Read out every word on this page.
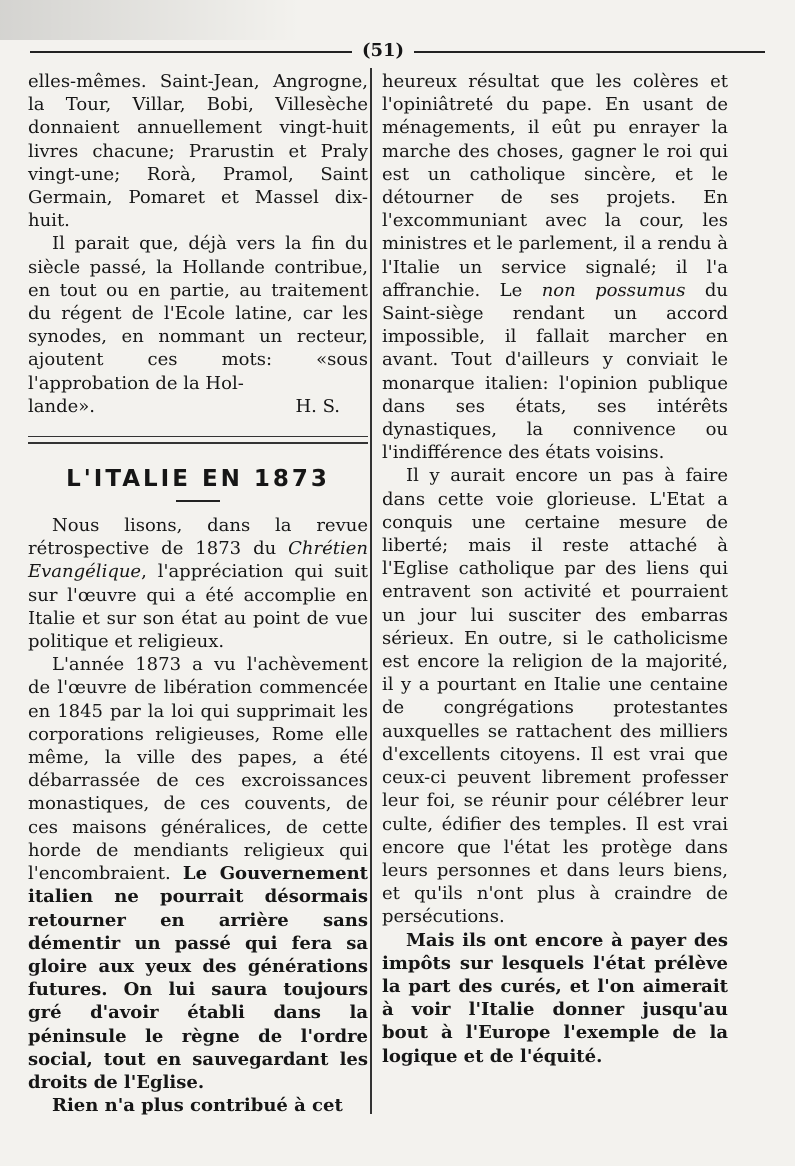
(51)

elles-mêmes. Saint-Jean, Angrogne, la Tour, Villar, Bobi, Villesèche donnaient annuellement vingt-huit livres chacune; Prarustin et Praly vingt-une; Rorà, Pramol, Saint Germain, Pomaret et Massel dix-huit.

Il parait que, déjà vers la fin du siècle passé, la Hollande contribue, en tout ou en partie, au traitement du régent de l'Ecole latine, car les synodes, en nommant un recteur, ajoutent ces mots: «sous l'approbation de la Hol-

lande».	H. S.
L'ITALIE EN 1873

Nous lisons, dans la revue rétrospective de 1873 du Chrétien Evangélique, l'appréciation qui suit sur l'œuvre qui a été accomplie en Italie et sur son état au point de vue politique et religieux.

L'année 1873 a vu l'achèvement de l'œuvre de libération commencée en 1845 par la loi qui supprimait les corporations religieuses, Rome elle même, la ville des papes, a été débarrassée de ces excroissances monastiques, de ces couvents, de ces maisons généralices, de cette horde de mendiants religieux qui l'encombraient. Le Gouvernement italien ne pourrait désormais retourner en arrière sans démentir un passé qui fera sa gloire aux yeux des générations futures. On lui saura toujours gré d'avoir établi dans la péninsule le règne de l'ordre social, tout en sauvegardant les droits de l'Eglise.

Rien n'a plus contribué à cet

heureux résultat que les colères et l'opiniâtreté du pape. En usant de ménagements, il eût pu enrayer la marche des choses, gagner le roi qui est un catholique sincère, et le détourner de ses projets. En l'excommuniant avec la cour, les ministres et le parlement, il a rendu à l'Italie un service signalé; il l'a affranchie. Le non possumus du Saint-siège rendant un accord impossible, il fallait marcher en avant. Tout d'ailleurs y conviait le monarque italien: l'opinion publique dans ses états, ses intérêts dynastiques, la connivence ou l'indifférence des états voisins.

Il y aurait encore un pas à faire dans cette voie glorieuse. L'Etat a conquis une certaine mesure de liberté; mais il reste attaché à l'Eglise catholique par des liens qui entravent son activité et pourraient un jour lui susciter des embarras sérieux. En outre, si le catholicisme est encore la religion de la majorité, il y a pourtant en Italie une centaine de congrégations protestantes auxquelles se rattachent des milliers d'excellents citoyens. Il est vrai que ceux-ci peuvent librement professer leur foi, se réunir pour célébrer leur culte, édifier des temples. Il est vrai encore que l'état les protège dans leurs personnes et dans leurs biens, et qu'ils n'ont plus à craindre de persécutions.

Mais ils ont encore à payer des impôts sur lesquels l'état prélève la part des curés, et l'on aimerait à voir l'Italie donner jusqu'au bout à l'Europe l'exemple de la logique et de l'équité.
